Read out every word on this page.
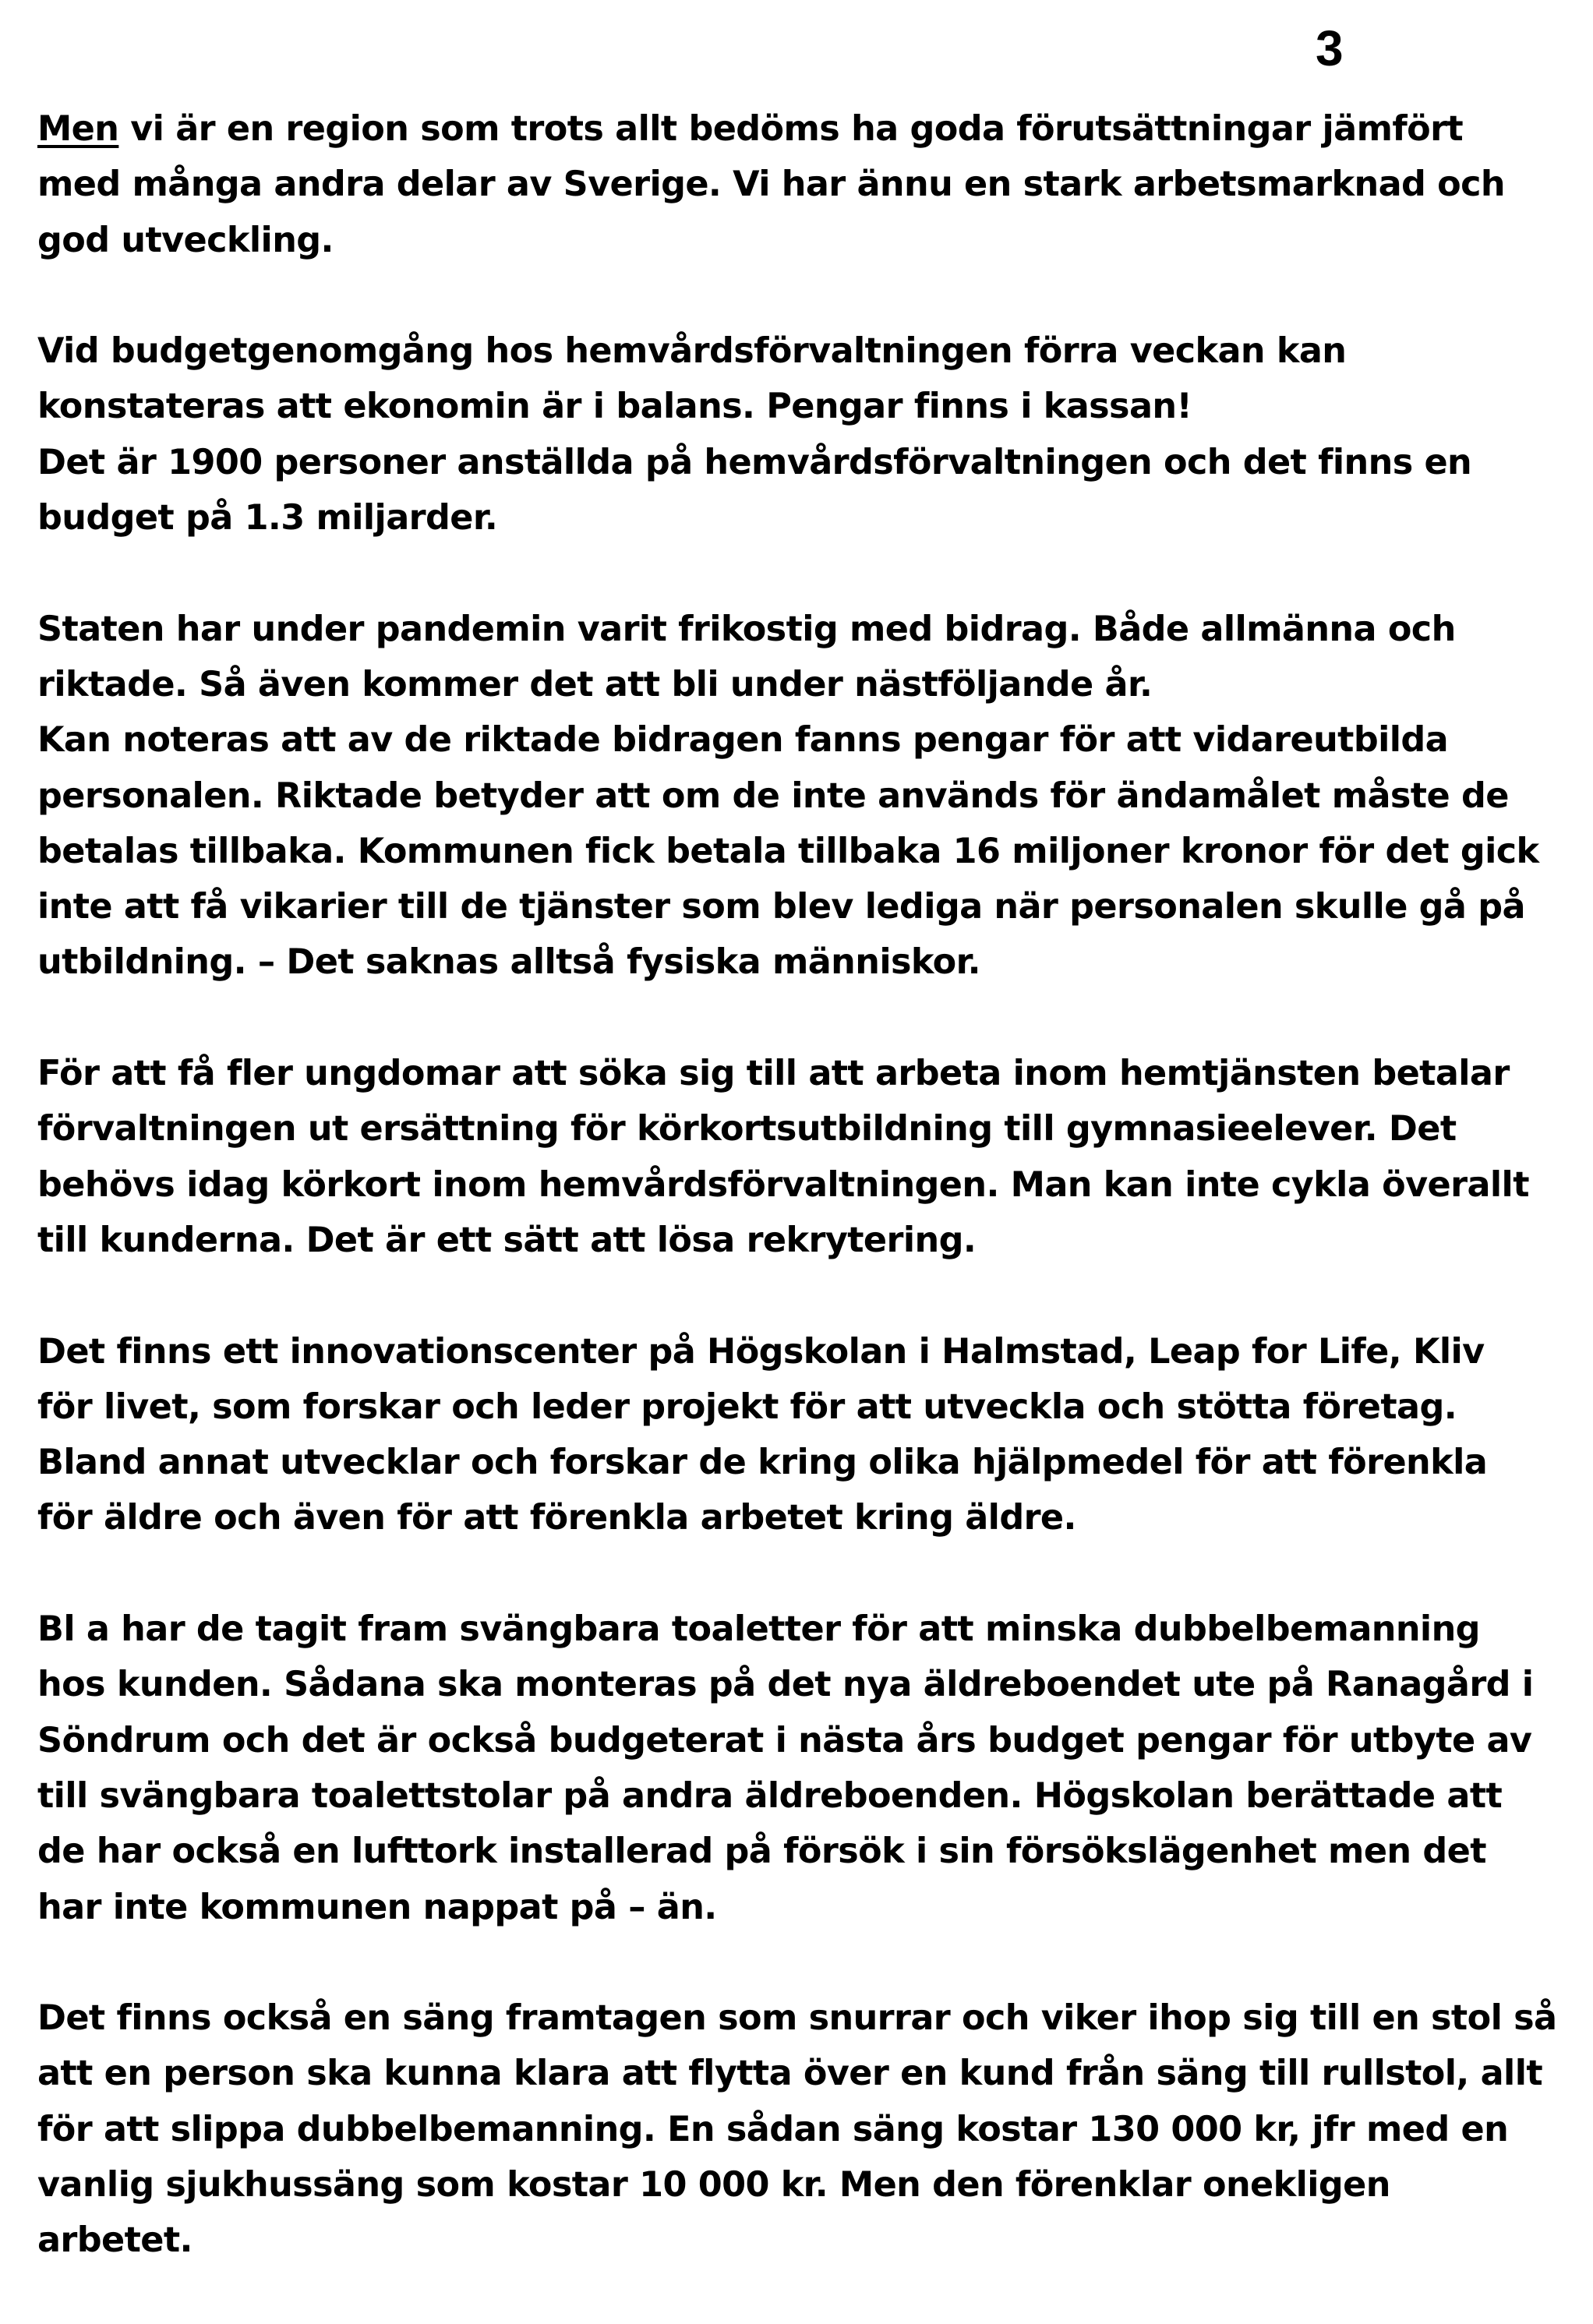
3
Men vi är en region som trots allt bedöms ha goda förutsättningar jämfört
med många andra delar av Sverige. Vi har ännu en stark arbetsmarknad och
god utveckling.
Vid budgetgenomgång hos hemvårdsförvaltningen förra veckan kan
konstateras att ekonomin är i balans. Pengar finns i kassan!
Det är 1900 personer anställda på hemvårdsförvaltningen och det finns en
budget på 1.3 miljarder.
Staten har under pandemin varit frikostig med bidrag. Både allmänna och
riktade. Så även kommer det att bli under nästföljande år.
Kan noteras att av de riktade bidragen fanns pengar för att vidareutbilda
personalen. Riktade betyder att om de inte används för ändamålet måste de
betalas tillbaka. Kommunen fick betala tillbaka 16 miljoner kronor för det gick
inte att få vikarier till de tjänster som blev lediga när personalen skulle gå på
utbildning. – Det saknas alltså fysiska människor.
För att få fler ungdomar att söka sig till att arbeta inom hemtjänsten betalar
förvaltningen ut ersättning för körkortsutbildning till gymnasieelever. Det
behövs idag körkort inom hemvårdsförvaltningen. Man kan inte cykla överallt
till kunderna. Det är ett sätt att lösa rekrytering.
Det finns ett innovationscenter på Högskolan i Halmstad, Leap for Life, Kliv
för livet, som forskar och leder projekt för att utveckla och stötta företag.
Bland annat utvecklar och forskar de kring olika hjälpmedel för att förenkla
för äldre och även för att förenkla arbetet kring äldre.
Bl a har de tagit fram svängbara toaletter för att minska dubbelbemanning
hos kunden. Sådana ska monteras på det nya äldreboendet ute på Ranagård i
Söndrum och det är också budgeterat i nästa års budget pengar för utbyte av
till svängbara toalettstolar på andra äldreboenden. Högskolan berättade att
de har också en lufttork installerad på försök i sin försökslägenhet men det
har inte kommunen nappat på – än.
Det finns också en säng framtagen som snurrar och viker ihop sig till en stol så
att en person ska kunna klara att flytta över en kund från säng till rullstol, allt
för att slippa dubbelbemanning. En sådan säng kostar 130 000 kr, jfr med en
vanlig sjukhussäng som kostar 10 000 kr. Men den förenklar onekligen
arbetet.
